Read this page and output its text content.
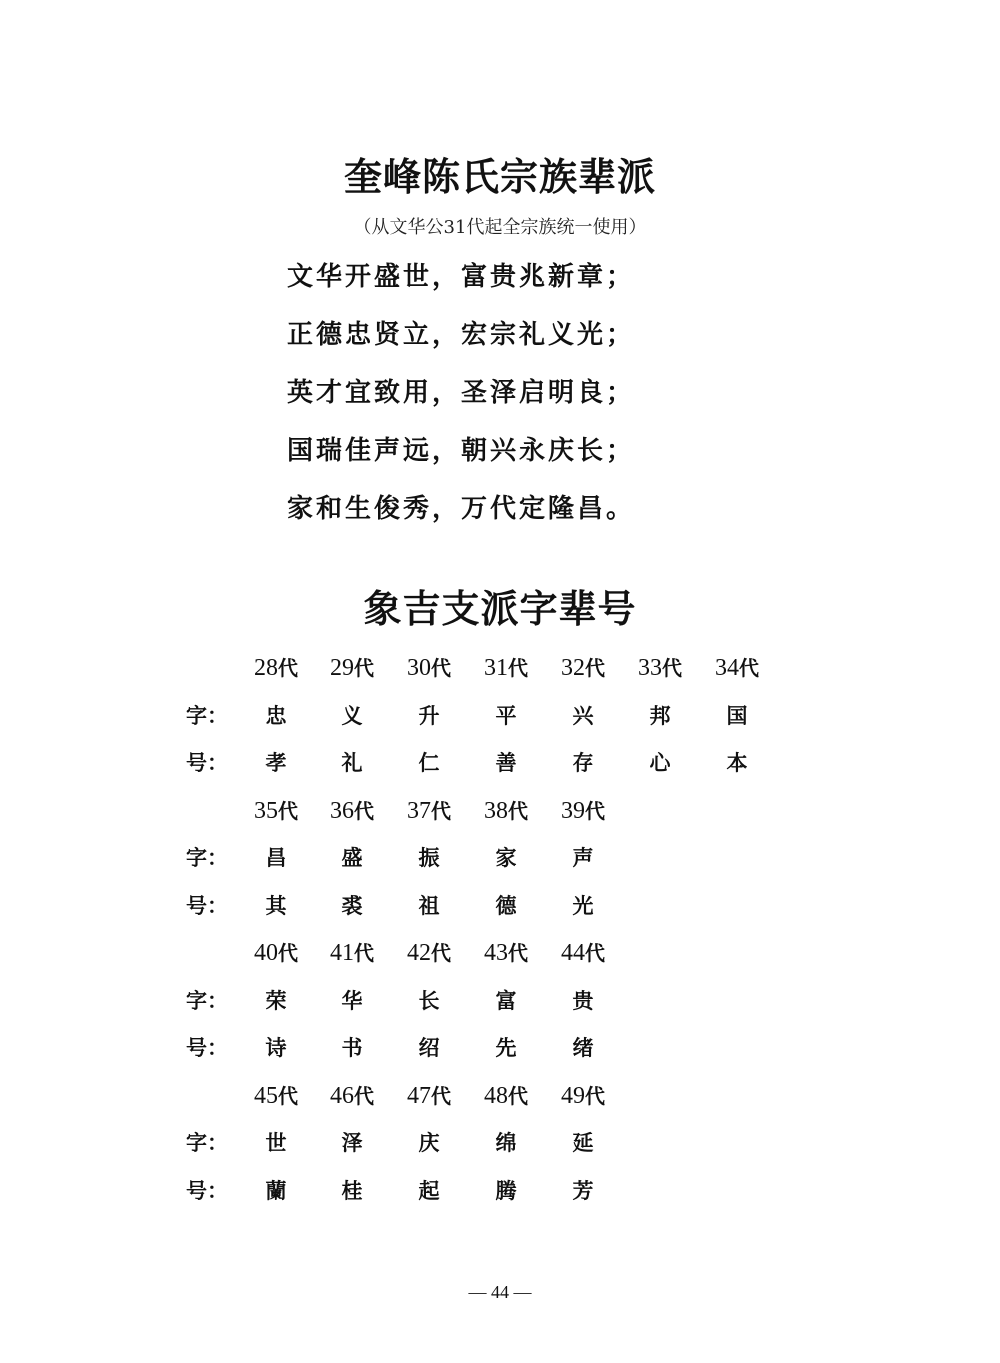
奎峰陈氏宗族辈派
（从文华公31代起全宗族统一使用）
文华开盛世，富贵兆新章；
正德忠贤立，宏宗礼义光；
英才宜致用，圣泽启明良；
国瑞佳声远，朝兴永庆长；
家和生俊秀，万代定隆昌。
象吉支派字辈号
28代	29代	30代	31代	32代	33代	34代
字：	忠	义	升	平	兴	邦	国
号：	孝	礼	仁	善	存	心	本
35代	36代	37代	38代	39代
字：	昌	盛	振	家	声
号：	其	裘	祖	德	光
40代	41代	42代	43代	44代
字：	荣	华	长	富	贵
号：	诗	书	绍	先	绪
45代	46代	47代	48代	49代
字：	世	泽	庆	绵	延
号：	蘭	桂	起	腾	芳
— 44 —
